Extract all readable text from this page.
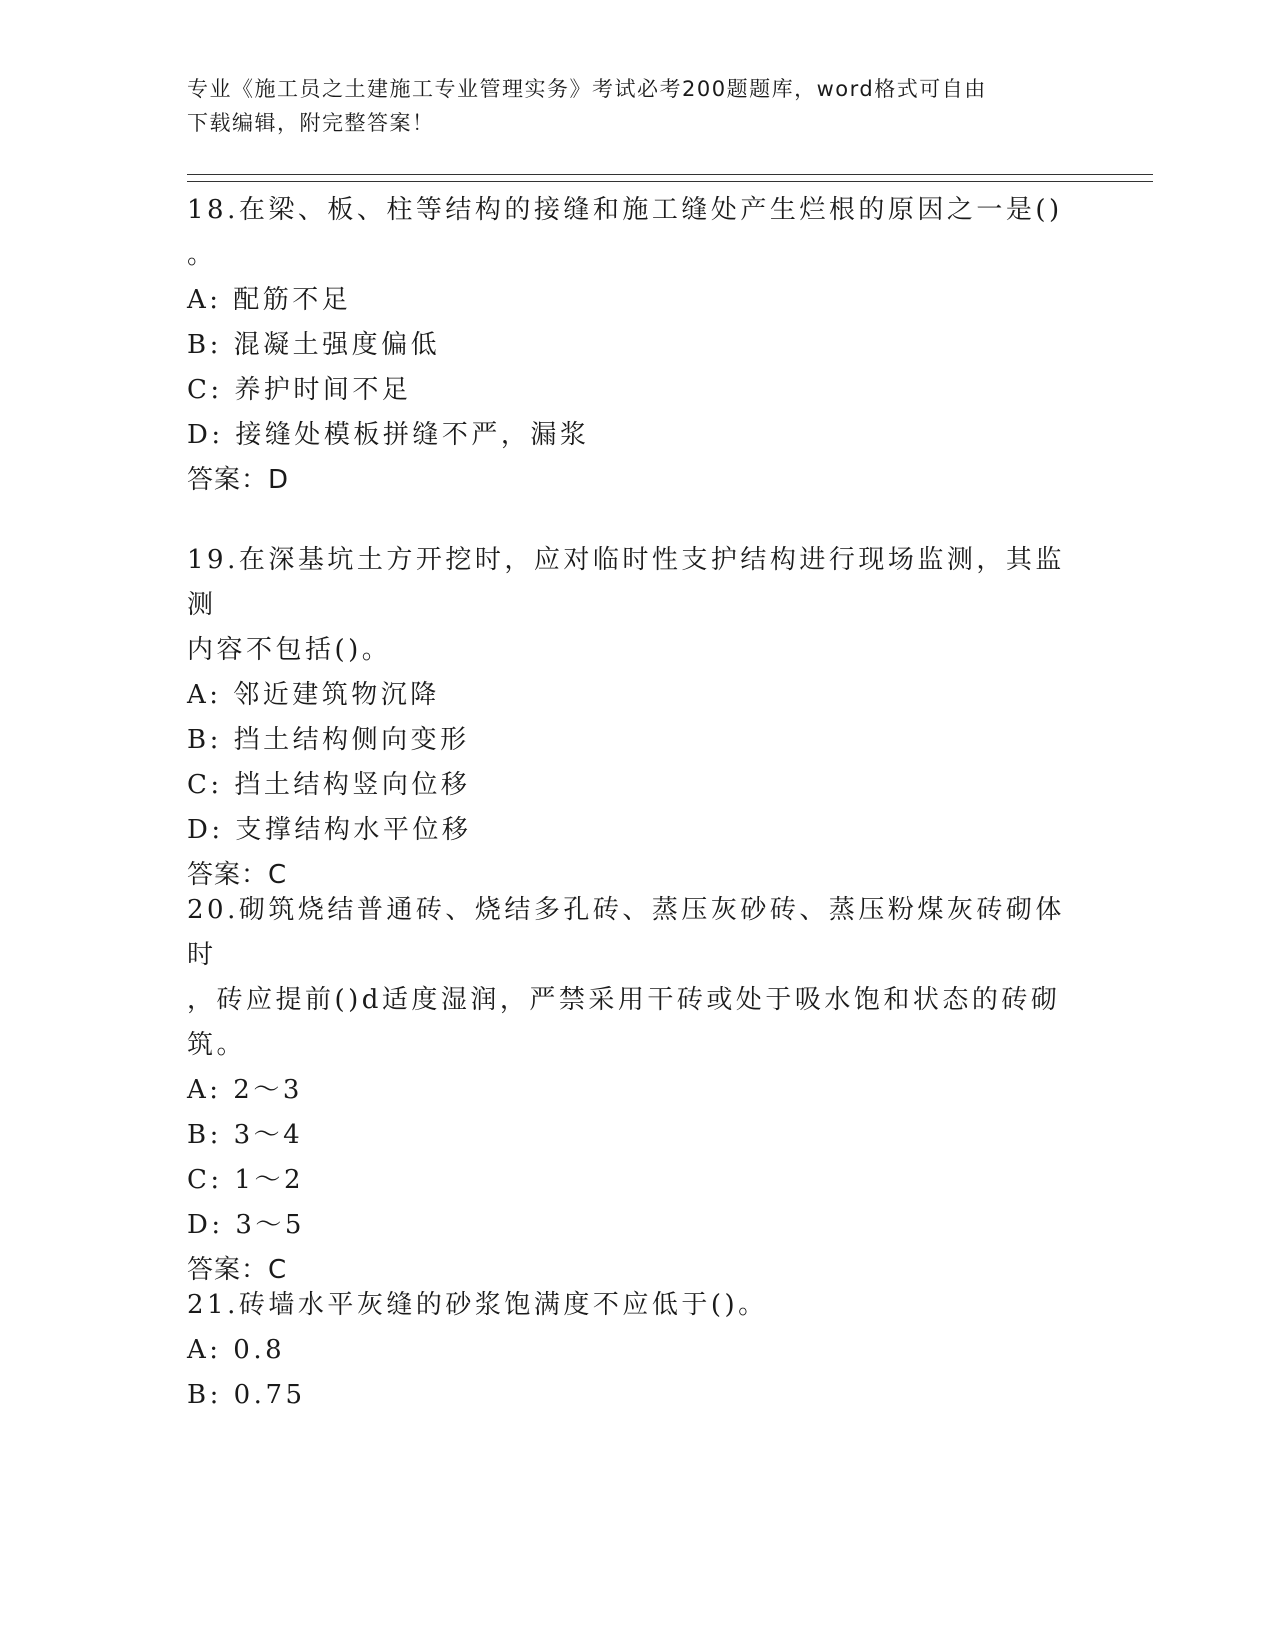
专业《施工员之土建施工专业管理实务》考试必考200题题库，word格式可自由
下载编辑，附完整答案！
18.在梁、板、柱等结构的接缝和施工缝处产生烂根的原因之一是()
。
A: 配筋不足
B: 混凝土强度偏低
C: 养护时间不足
D: 接缝处模板拼缝不严，漏浆
答案：D
19.在深基坑土方开挖时，应对临时性支护结构进行现场监测，其监测
内容不包括()。
A: 邻近建筑物沉降
B: 挡土结构侧向变形
C: 挡土结构竖向位移
D: 支撑结构水平位移
答案：C
20.砌筑烧结普通砖、烧结多孔砖、蒸压灰砂砖、蒸压粉煤灰砖砌体时
，砖应提前()d适度湿润，严禁采用干砖或处于吸水饱和状态的砖砌
筑。
A: 2～3
B: 3～4
C: 1～2
D: 3～5
答案：C
21.砖墙水平灰缝的砂浆饱满度不应低于()。
A: 0.8
B: 0.75
